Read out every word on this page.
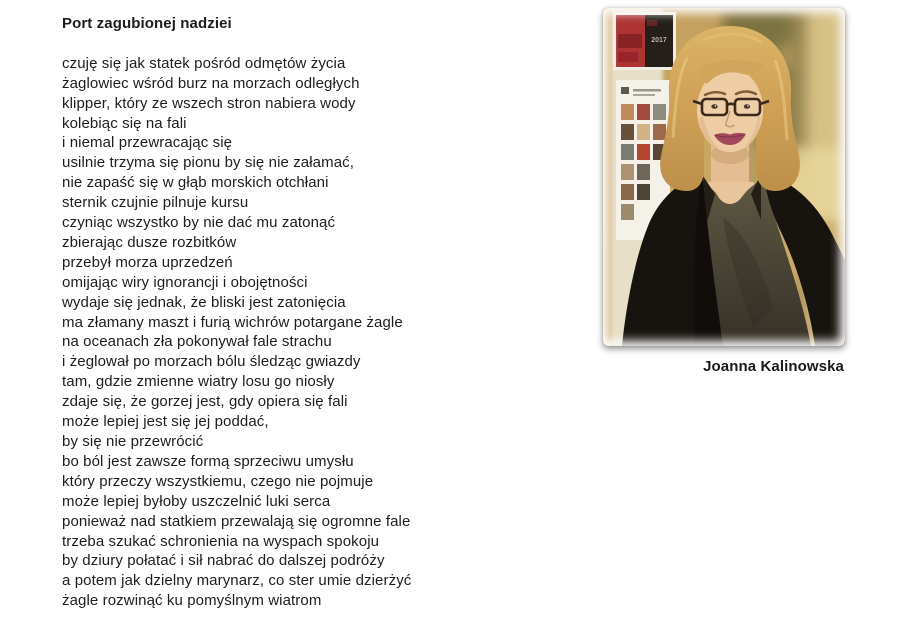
Port zagubionej nadziei
czuję się jak statek pośród odmętów życia
żaglowiec wśród burz na morzach odległych
klipper, który ze wszech stron nabiera wody
kolebiąc się na fali
i niemal przewracając się
usilnie trzyma się pionu by się nie załamać,
nie zapaść się w głąb morskich otchłani
sternik czujnie pilnuje kursu
czyniąc wszystko by nie dać mu zatonąć
zbierając dusze rozbitków
przebył morza uprzedzeń
omijając wiry ignorancji i obojętności
wydaje się jednak, że bliski jest zatonięcia
ma złamany maszt i furią wichrów potargane żagle
na oceanach zła pokonywał fale strachu
i żeglował po morzach bólu śledząc gwiazdy
tam, gdzie zmienne wiatry losu go niosły
zdaje się, że gorzej jest, gdy opiera się fali
może lepiej jest się jej poddać,
by się nie przewrócić
bo ból jest zawsze formą sprzeciwu umysłu
który przeczy wszystkiemu, czego nie pojmuje
może lepiej byłoby uszczelnić luki serca
ponieważ nad statkiem przewalają się ogromne fale
trzeba szukać schronienia na wyspach spokoju
by dziury połatać i sił nabrać do dalszej podróży
a potem jak dzielny marynarz, co ster umie dzierżyć
żagle rozwinąć ku pomyślnym wiatrom
2017
Joanna Kalinowska
